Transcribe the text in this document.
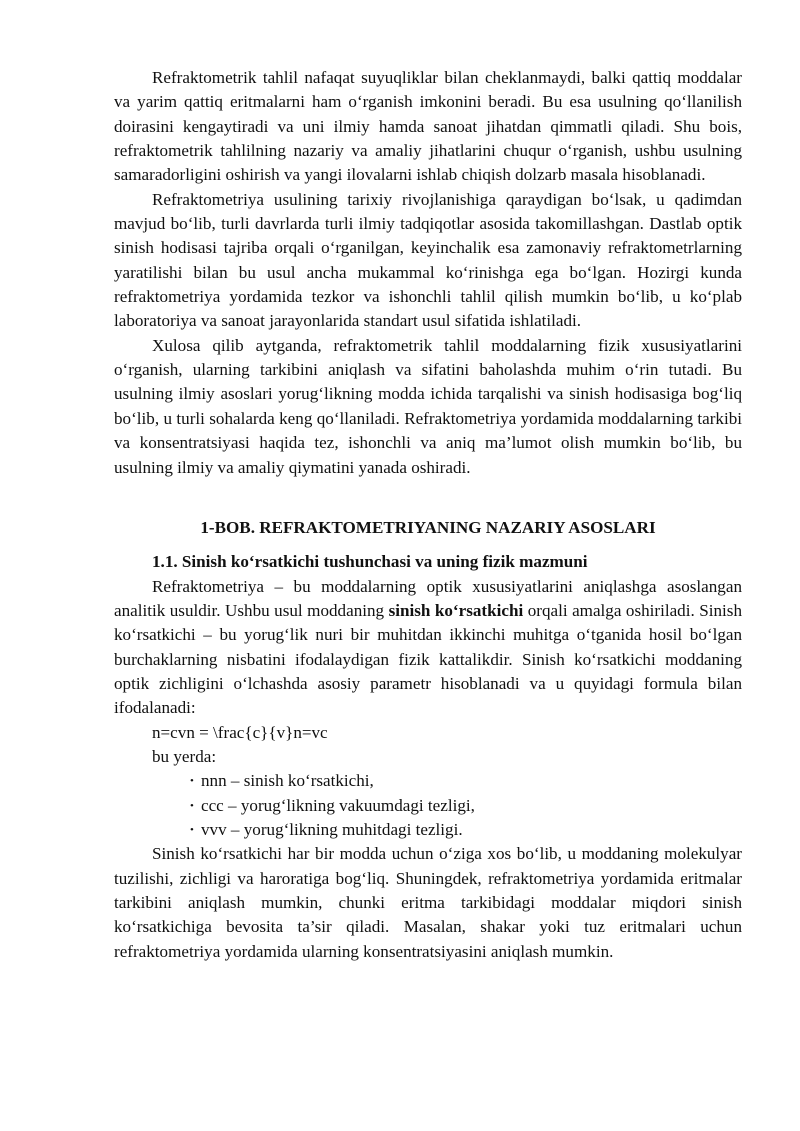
Refraktometrik tahlil nafaqat suyuqliklar bilan cheklanmaydi, balki qattiq moddalar va yarim qattiq eritmalarni ham o‘rganish imkonini beradi. Bu esa usulning qo‘llanilish doirasini kengaytiradi va uni ilmiy hamda sanoat jihatdan qimmatli qiladi. Shu bois, refraktometrik tahlilning nazariy va amaliy jihatlarini chuqur o‘rganish, ushbu usulning samaradorligini oshirish va yangi ilovalarni ishlab chiqish dolzarb masala hisoblanadi.

Refraktometriya usulining tarixiy rivojlanishiga qaraydigan bo‘lsak, u qadimdan mavjud bo‘lib, turli davrlarda turli ilmiy tadqiqotlar asosida takomillashgan. Dastlab optik sinish hodisasi tajriba orqali o‘rganilgan, keyinchalik esa zamonaviy refraktometrlarning yaratilishi bilan bu usul ancha mukammal ko‘rinishga ega bo‘lgan. Hozirgi kunda refraktometriya yordamida tezkor va ishonchli tahlil qilish mumkin bo‘lib, u ko‘plab laboratoriya va sanoat jarayonlarida standart usul sifatida ishlatiladi.

Xulosa qilib aytganda, refraktometrik tahlil moddalarning fizik xususiyatlarini o‘rganish, ularning tarkibini aniqlash va sifatini baholashda muhim o‘rin tutadi. Bu usulning ilmiy asoslari yorug‘likning modda ichida tarqalishi va sinish hodisasiga bog‘liq bo‘lib, u turli sohalarda keng qo‘llaniladi. Refraktometriya yordamida moddalarning tarkibi va konsentratsiyasi haqida tez, ishonchli va aniq ma’lumot olish mumkin bo‘lib, bu usulning ilmiy va amaliy qiymatini yanada oshiradi.

1-BOB. REFRAKTOMETRIYANING NAZARIY ASOSLARI
1.1. Sinish ko‘rsatkichi tushunchasi va uning fizik mazmuni

Refraktometriya – bu moddalarning optik xususiyatlarini aniqlashga asoslangan analitik usuldir. Ushbu usul moddaning sinish ko‘rsatkichi orqali amalga oshiriladi. Sinish ko‘rsatkichi – bu yorug‘lik nuri bir muhitdan ikkinchi muhitga o‘tganida hosil bo‘lgan burchaklarning nisbatini ifodalaydigan fizik kattalikdir. Sinish ko‘rsatkichi moddaning optik zichligini o‘lchashda asosiy parametr hisoblanadi va u quyidagi formula bilan ifodalanadi:

n=cvn = \frac{c}{v}n=vc
bu yerda:
• nnn – sinish ko‘rsatkichi,
• ccc – yorug‘likning vakuumdagi tezligi,
• vvv – yorug‘likning muhitdagi tezligi.

Sinish ko‘rsatkichi har bir modda uchun o‘ziga xos bo‘lib, u moddaning molekulyar tuzilishi, zichligi va haroratiga bog‘liq. Shuningdek, refraktometriya yordamida eritmalar tarkibini aniqlash mumkin, chunki eritma tarkibidagi moddalar miqdori sinish ko‘rsatkichiga bevosita ta’sir qiladi. Masalan, shakar yoki tuz eritmalari uchun refraktometriya yordamida ularning konsentratsiyasini aniqlash mumkin.
